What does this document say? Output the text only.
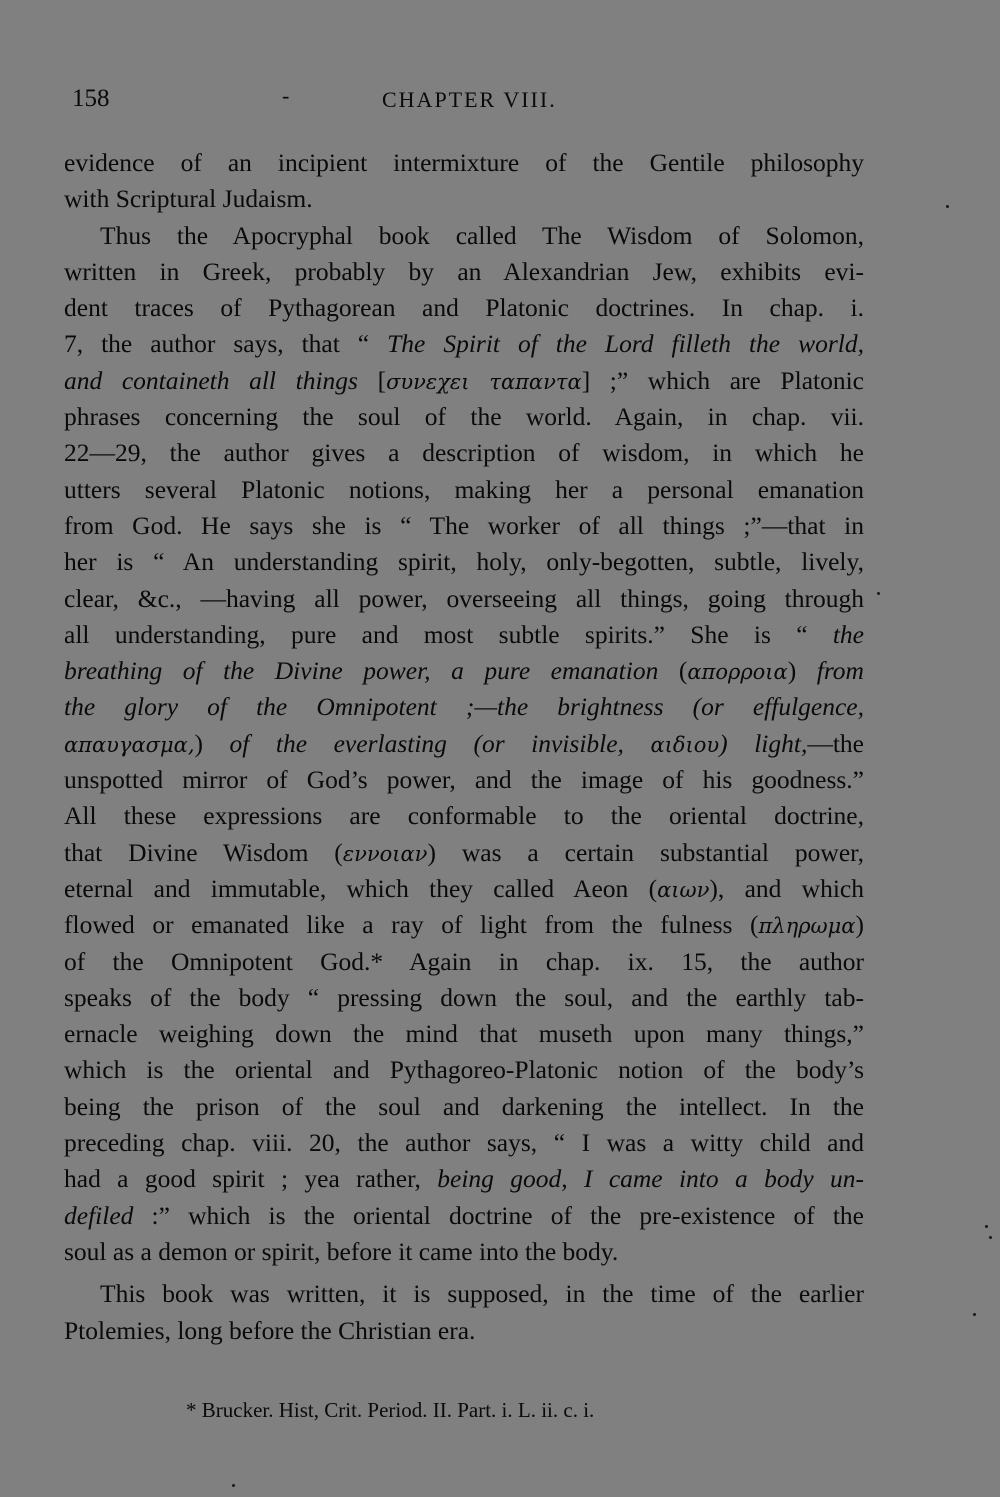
158	-	CHAPTER VIII.
evidence of an incipient intermixture of the Gentile philosophy
with Scriptural Judaism.
Thus the Apocryphal book called The Wisdom of Solomon,
written in Greek, probably by an Alexandrian Jew, exhibits evi-
dent traces of Pythagorean and Platonic doctrines. In chap. i.
7, the author says, that “ The Spirit of the Lord filleth the world,
and containeth all things [συνεχει ταπαντα] ;” which are Platonic
phrases concerning the soul of the world. Again, in chap. vii.
22—29, the author gives a description of wisdom, in which he
utters several Platonic notions, making her a personal emanation
from God. He says she is “ The worker of all things ;”—that in
her is “ An understanding spirit, holy, only-begotten, subtle, lively,
clear, &c., —having all power, overseeing all things, going through
all understanding, pure and most subtle spirits.” She is “ the
breathing of the Divine power, a pure emanation (απορροια) from
the glory of the Omnipotent ;—the brightness (or effulgence,
απαυγασμα,) of the everlasting (or invisible, αιδιου) light,—the
unspotted mirror of God’s power, and the image of his goodness.”
All these expressions are conformable to the oriental doctrine,
that Divine Wisdom (εννοιαν) was a certain substantial power,
eternal and immutable, which they called Aeon (αιων), and which
flowed or emanated like a ray of light from the fulness (πληρωμα)
of the Omnipotent God.* Again in chap. ix. 15, the author
speaks of the body “ pressing down the soul, and the earthly tab-
ernacle weighing down the mind that museth upon many things,”
which is the oriental and Pythagoreo-Platonic notion of the body’s
being the prison of the soul and darkening the intellect. In the
preceding chap. viii. 20, the author says, “ I was a witty child and
had a good spirit ; yea rather, being good, I came into a body un-
defiled :” which is the oriental doctrine of the pre-existence of the
soul as a demon or spirit, before it came into the body.
This book was written, it is supposed, in the time of the earlier
Ptolemies, long before the Christian era.
* Brucker. Hist, Crit. Period. II. Part. i. L. ii. c. i.
